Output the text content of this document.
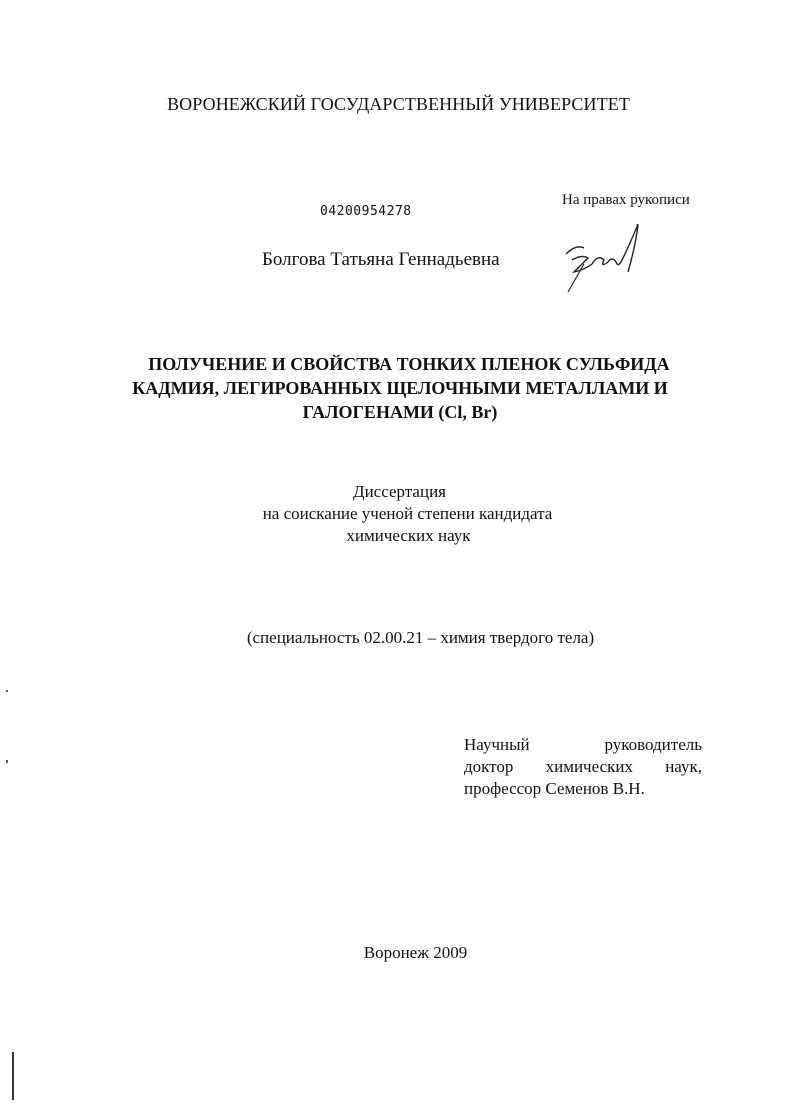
ВОРОНЕЖСКИЙ ГОСУДАРСТВЕННЫЙ УНИВЕРСИТЕТ
На правах рукописи
04200954278
Болгова Татьяна Геннадьевна
ПОЛУЧЕНИЕ И СВОЙСТВА ТОНКИХ ПЛЕНОК СУЛЬФИДА
КАДМИЯ, ЛЕГИРОВАННЫХ ЩЕЛОЧНЫМИ МЕТАЛЛАМИ И
ГАЛОГЕНАМИ (Cl, Br)
Диссертация
на соискание ученой степени кандидата
химических наук
(специальность 02.00.21 – химия твердого тела)
Научный руководитель
доктор химических наук,
профессор Семенов В.Н.
Воронеж 2009
